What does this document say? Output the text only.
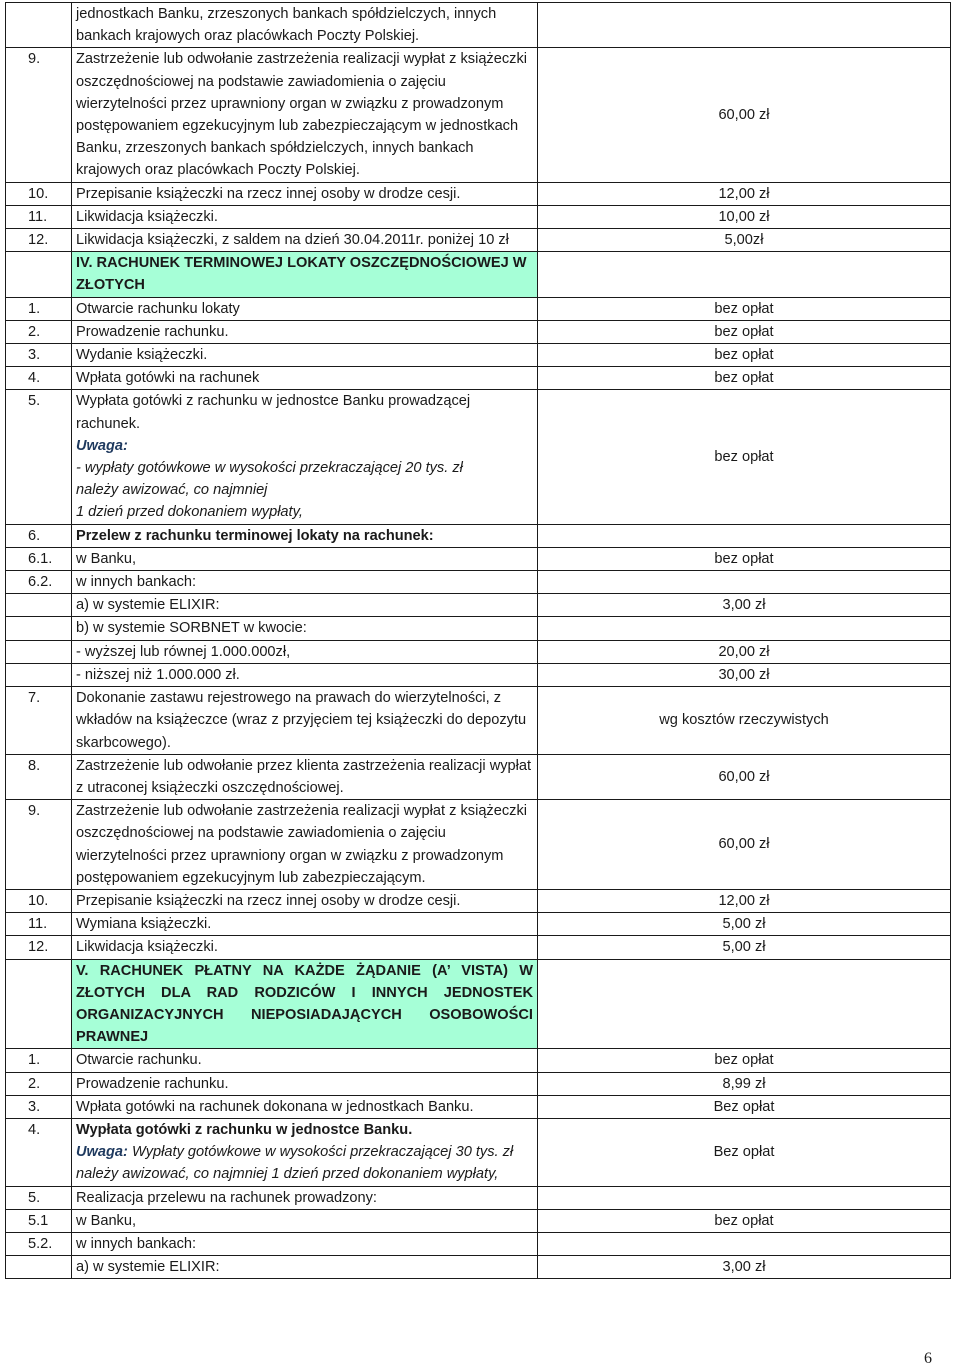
	jednostkach Banku, zrzeszonych bankach spółdzielczych, innych bankach krajowych oraz placówkach Poczty Polskiej.	
9.	Zastrzeżenie lub odwołanie zastrzeżenia realizacji wypłat z książeczki oszczędnościowej na podstawie zawiadomienia o zajęciu wierzytelności przez uprawniony organ w związku z prowadzonym postępowaniem egzekucyjnym lub zabezpieczającym w jednostkach Banku, zrzeszonych bankach spółdzielczych, innych bankach krajowych oraz placówkach Poczty Polskiej.	60,00 zł
10.	Przepisanie książeczki na rzecz innej osoby w drodze cesji.	12,00 zł
11.	Likwidacja książeczki.	10,00 zł
12.	Likwidacja książeczki, z saldem na dzień 30.04.2011r. poniżej 10 zł	5,00zł
	IV. RACHUNEK TERMINOWEJ LOKATY OSZCZĘDNOŚCIOWEJ W ZŁOTYCH	
1.	Otwarcie rachunku lokaty	bez opłat
2.	Prowadzenie rachunku.	bez opłat
3.	Wydanie książeczki.	bez opłat
4.	Wpłata gotówki na rachunek	bez opłat
5.	Wypłata gotówki z rachunku w jednostce Banku prowadzącej rachunek.
Uwaga:
- wypłaty gotówkowe w wysokości przekraczającej 20 tys. zł
należy awizować, co najmniej
1 dzień przed dokonaniem wypłaty,	bez opłat
6.	Przelew z rachunku terminowej lokaty na rachunek:	
6.1.	w Banku,	bez opłat
6.2.	w innych bankach:	
	a) w systemie ELIXIR:	3,00 zł
	b) w systemie SORBNET w kwocie:	
	- wyższej lub równej 1.000.000zł,	20,00 zł
	- niższej niż 1.000.000 zł.	30,00 zł
7.	Dokonanie zastawu rejestrowego na prawach do wierzytelności, z wkładów na książeczce (wraz z przyjęciem tej książeczki do depozytu skarbcowego).	wg kosztów rzeczywistych
8.	Zastrzeżenie lub odwołanie przez klienta zastrzeżenia realizacji wypłat z utraconej książeczki oszczędnościowej.	60,00 zł
9.	Zastrzeżenie lub odwołanie zastrzeżenia realizacji wypłat z książeczki oszczędnościowej na podstawie zawiadomienia o zajęciu wierzytelności przez uprawniony organ w związku z prowadzonym postępowaniem egzekucyjnym lub zabezpieczającym.	60,00 zł
10.	Przepisanie książeczki na rzecz innej osoby w drodze cesji.	12,00 zł
11.	Wymiana książeczki.	5,00 zł
12.	Likwidacja książeczki.	5,00 zł
	V. RACHUNEK PŁATNY NA KAŻDE ŻĄDANIE (A’ VISTA) W ZŁOTYCH DLA RAD RODZICÓW I INNYCH JEDNOSTEK ORGANIZACYJNYCH NIEPOSIADAJĄCYCH OSOBOWOŚCI PRAWNEJ	
1.	Otwarcie rachunku.	bez opłat
2.	Prowadzenie rachunku.	8,99 zł
3.	Wpłata gotówki na rachunek dokonana w jednostkach Banku.	Bez opłat
4.	Wypłata gotówki z rachunku w jednostce Banku.
Uwaga: Wypłaty gotówkowe w wysokości przekraczającej 30 tys. zł należy awizować, co najmniej 1 dzień przed dokonaniem wypłaty,	Bez opłat
5.	Realizacja przelewu na rachunek prowadzony:	
5.1	w Banku,	bez opłat
5.2.	w innych bankach:	
	a) w systemie ELIXIR:	3,00 zł
6
